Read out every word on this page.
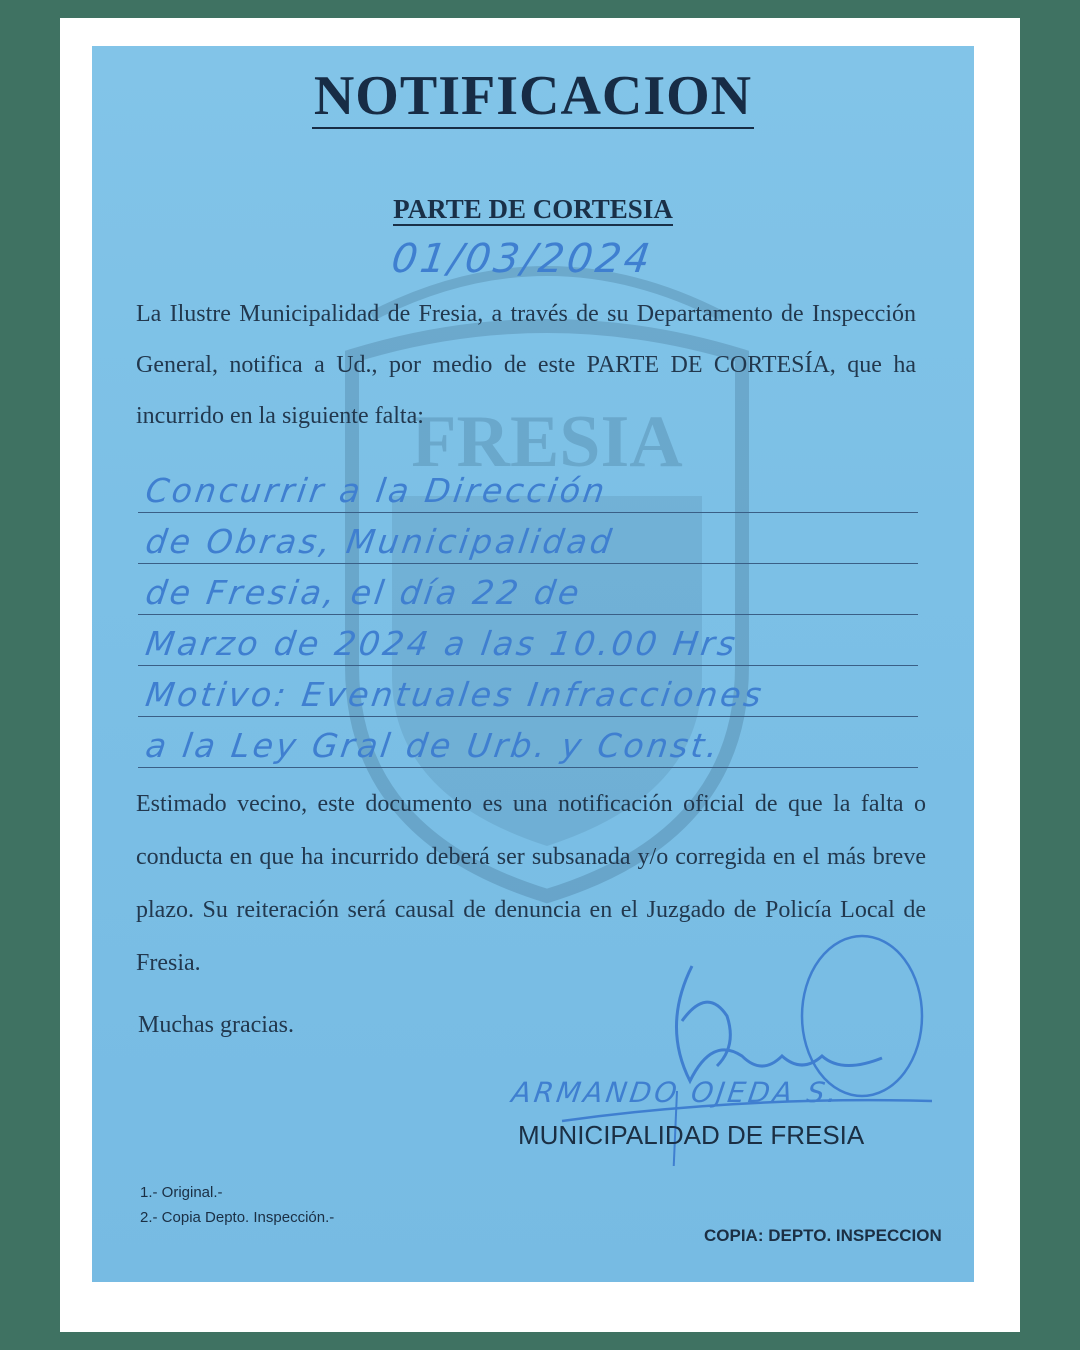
FRESIA
NOTIFICACION
PARTE DE CORTESIA
01/03/2024
La Ilustre Municipalidad de Fresia, a través de su Departamento de Inspección General, notifica a Ud., por medio de este PARTE DE CORTESÍA, que ha incurrido en la siguiente falta:
Concurrir a la Dirección
de Obras, Municipalidad
de Fresia, el día 22 de
Marzo de 2024 a las 10.00 Hrs
Motivo: Eventuales Infracciones
a la Ley Gral de Urb. y Const.
Estimado vecino, este documento es una notificación oficial de que la falta o conducta en que ha incurrido deberá ser subsanada y/o corregida en el más breve plazo. Su reiteración será causal de denuncia en el Juzgado de Policía Local de Fresia.
Muchas gracias.
ARMANDO OJEDA S.
MUNICIPALIDAD DE FRESIA
1.- Original.-
2.- Copia Depto. Inspección.-
COPIA: DEPTO. INSPECCION
